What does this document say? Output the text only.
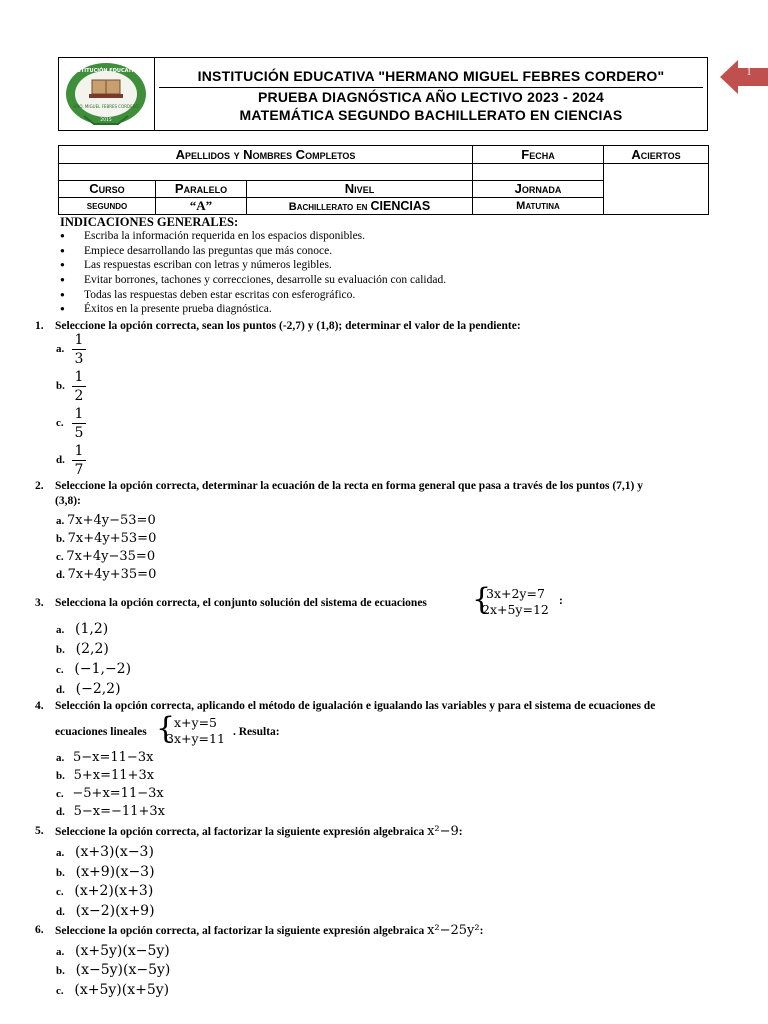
INSTITUCIÓN EDUCATIVA
HNO. MIGUEL FEBRES CORDERO
2015
INSTITUCIÓN EDUCATIVA "HERMANO MIGUEL FEBRES CORDERO"
PRUEBA DIAGNÓSTICA AÑO LECTIVO 2023 - 2024
MATEMÁTICA SEGUNDO BACHILLERATO EN CIENCIAS
1
Apellidos y Nombres Completos			Fecha	Aciertos

Curso	Paralelo	Nivel	Jornada	
segundo	“A”	Bachillerato en CIENCIAS	Matutina	
INDICACIONES GENERALES:
● Escriba la información requerida en los espacios disponibles.
● Empiece desarrollando las preguntas que más conoce.
● Las respuestas escriban con letras y números legibles.
● Evitar borrones, tachones y correcciones, desarrolle su evaluación con calidad.
● Todas las respuestas deben estar escritas con esferográfico.
● Éxitos en la presente prueba diagnóstica.
1. Seleccione la opción correcta, sean los puntos (-2,7) y (1,8); determinar el valor de la pendiente:
a.
1
3
b.
1
2
c.
1
5
d.
1
7
2. Seleccione la opción correcta, determinar la ecuación de la recta en forma general que pasa a través de los puntos (7,1) y
(3,8):
a. 7x+4y−53=0
b. 7x+4y+53=0
c. 7x+4y−35=0
d. 7x+4y+35=0
3. Selecciona la opción correcta, el conjunto solución del sistema de ecuaciones {
3x+2y=7
2x+5y=12
:
a. (1,2)
b. (2,2)
c. (−1,−2)
d. (−2,2)
4. Selección la opción correcta, aplicando el método de igualación e igualando las variables y para el sistema de ecuaciones de
ecuaciones lineales {
x+y=5
3x+y=11 . Resulta:
a. 5−x=11−3x
b. 5+x=11+3x
c. −5+x=11−3x
d. 5−x=−11+3x
5. Seleccione la opción correcta, al factorizar la siguiente expresión algebraica x²−9:
a. (x+3)(x−3)
b. (x+9)(x−3)
c. (x+2)(x+3)
d. (x−2)(x+9)
6. Seleccione la opción correcta, al factorizar la siguiente expresión algebraica x²−25y²:
a. (x+5y)(x−5y)
b. (x−5y)(x−5y)
c. (x+5y)(x+5y)
